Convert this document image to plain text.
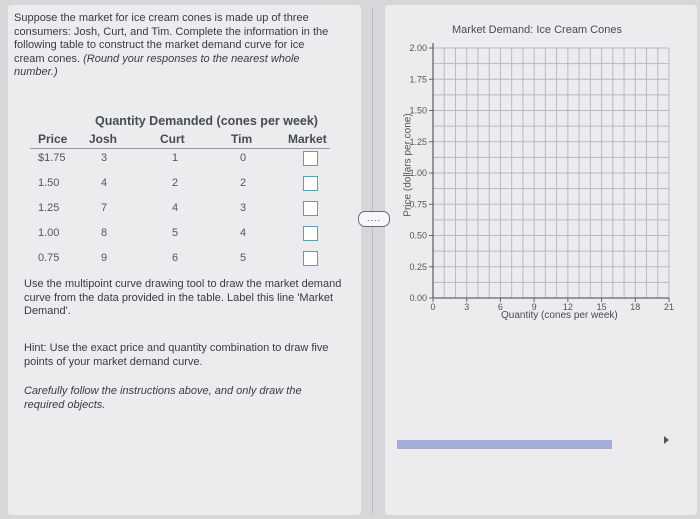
....

Suppose the market for ice cream cones is made up of three consumers: Josh, Curt, and Tim. Complete the information in the following table to construct the market demand curve for ice cream cones. (Round your responses to the nearest whole number.)

Quantity Demanded (cones per week)
Price Josh	Curt	Tim	Market
$1.75	3	1	0
1.50	4	2	2
1.25	7	4	3
1.00	8	5	4
0.75	9	6	5

Use the multipoint curve drawing tool to draw the market demand curve from the data provided in the table. Label this line 'Market Demand'.

Hint: Use the exact price and quantity combination to draw five points of your market demand curve.

Carefully follow the instructions above, and only draw the required objects.

Market Demand: Ice Cream Cones
Price (dollars per cone)
Quantity (cones per week)
0.00
0.25
0.50
0.75
1.00
1.25
1.50
1.75
2.00
0	3	6	9	12	15	18	21
